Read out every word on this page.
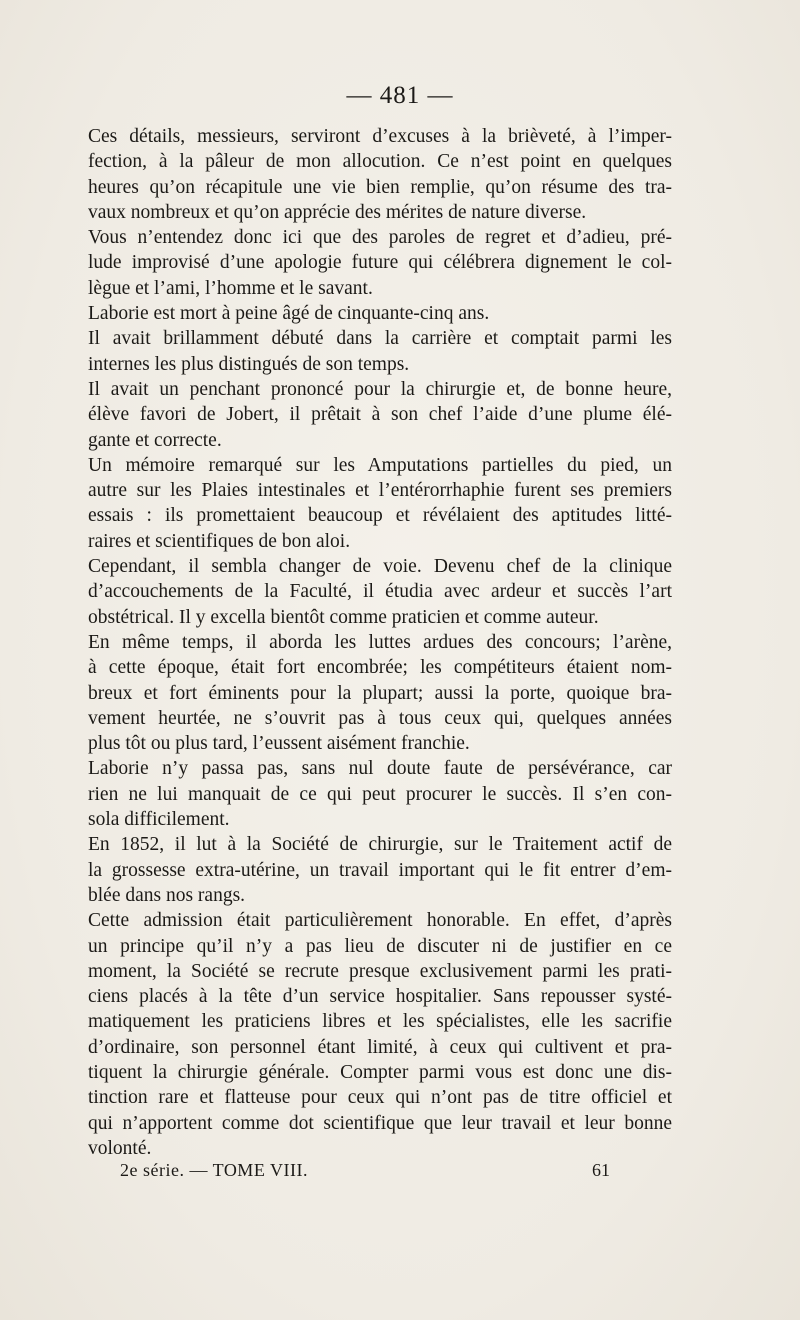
— 481 —
Ces détails, messieurs, serviront d’excuses à la brièveté, à l’imper-
fection, à la pâleur de mon allocution. Ce n’est point en quelques
heures qu’on récapitule une vie bien remplie, qu’on résume des tra-
vaux nombreux et qu’on apprécie des mérites de nature diverse.
Vous n’entendez donc ici que des paroles de regret et d’adieu, pré-
lude improvisé d’une apologie future qui célébrera dignement le col-
lègue et l’ami, l’homme et le savant.
Laborie est mort à peine âgé de cinquante-cinq ans.
Il avait brillamment débuté dans la carrière et comptait parmi les
internes les plus distingués de son temps.
Il avait un penchant prononcé pour la chirurgie et, de bonne heure,
élève favori de Jobert, il prêtait à son chef l’aide d’une plume élé-
gante et correcte.
Un mémoire remarqué sur les Amputations partielles du pied, un
autre sur les Plaies intestinales et l’entérorrhaphie furent ses premiers
essais : ils promettaient beaucoup et révélaient des aptitudes litté-
raires et scientifiques de bon aloi.
Cependant, il sembla changer de voie. Devenu chef de la clinique
d’accouchements de la Faculté, il étudia avec ardeur et succès l’art
obstétrical. Il y excella bientôt comme praticien et comme auteur.
En même temps, il aborda les luttes ardues des concours; l’arène,
à cette époque, était fort encombrée; les compétiteurs étaient nom-
breux et fort éminents pour la plupart; aussi la porte, quoique bra-
vement heurtée, ne s’ouvrit pas à tous ceux qui, quelques années
plus tôt ou plus tard, l’eussent aisément franchie.
Laborie n’y passa pas, sans nul doute faute de persévérance, car
rien ne lui manquait de ce qui peut procurer le succès. Il s’en con-
sola difficilement.
En 1852, il lut à la Société de chirurgie, sur le Traitement actif de
la grossesse extra-utérine, un travail important qui le fit entrer d’em-
blée dans nos rangs.
Cette admission était particulièrement honorable. En effet, d’après
un principe qu’il n’y a pas lieu de discuter ni de justifier en ce
moment, la Société se recrute presque exclusivement parmi les prati-
ciens placés à la tête d’un service hospitalier. Sans repousser systé-
matiquement les praticiens libres et les spécialistes, elle les sacrifie
d’ordinaire, son personnel étant limité, à ceux qui cultivent et pra-
tiquent la chirurgie générale. Compter parmi vous est donc une dis-
tinction rare et flatteuse pour ceux qui n’ont pas de titre officiel et
qui n’apportent comme dot scientifique que leur travail et leur bonne
volonté.
2e série. — TOME VIII.	61
